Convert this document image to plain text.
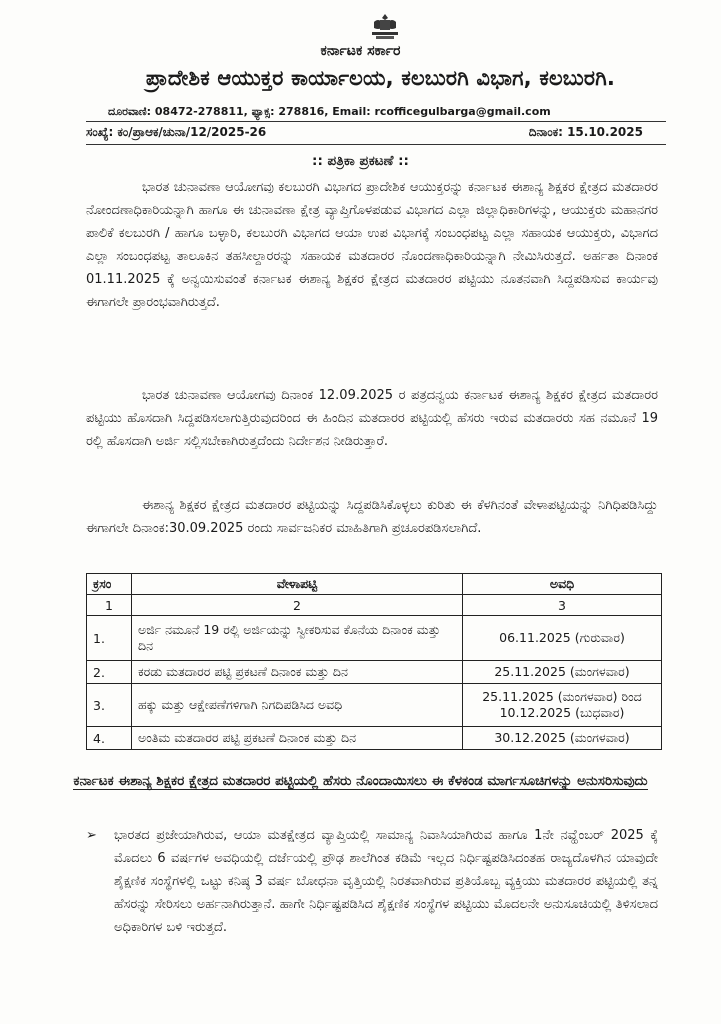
ಕರ್ನಾಟಕ ಸರ್ಕಾರ
ಪ್ರಾದೇಶಿಕ ಆಯುಕ್ತರ ಕಾರ್ಯಾಲಯ, ಕಲಬುರಗಿ ವಿಭಾಗ, ಕಲಬುರಗಿ.
ದೂರವಾಣಿ: 08472-278811, ಫ್ಯಾಕ್ಸ: 278816, Email: rcofficegulbarga@gmail.com
ಸಂಖ್ಯೆ: ಕಂ/ಪ್ರಾಆಕ/ಚುನಾ/12/2025-26	ದಿನಾಂಕ: 15.10.2025
:: ಪತ್ರಿಕಾ ಪ್ರಕಟಣೆ ::
ಭಾರತ ಚುನಾವಣಾ ಆಯೋಗವು ಕಲಬುರಗಿ ವಿಭಾಗದ ಪ್ರಾದೇಶಿಕ ಆಯುಕ್ತರನ್ನು ಕರ್ನಾಟಕ ಈಶಾನ್ಯ ಶಿಕ್ಷಕರ ಕ್ಷೇತ್ರದ ಮತದಾರರ ನೋಂದಣಾಧಿಕಾರಿಯನ್ನಾಗಿ ಹಾಗೂ ಈ ಚುನಾವಣಾ ಕ್ಷೇತ್ರ ವ್ಯಾಪ್ತಿಗೊಳಪಡುವ ವಿಭಾಗದ ಎಲ್ಲಾ ಜಿಲ್ಲಾಧಿಕಾರಿಗಳನ್ನು, ಆಯುಕ್ತರು ಮಹಾನಗರ ಪಾಲಿಕೆ ಕಲಬುರಗಿ / ಹಾಗೂ ಬಳ್ಳಾರಿ, ಕಲಬುರಗಿ ವಿಭಾಗದ ಆಯಾ ಉಪ ವಿಭಾಗಕ್ಕೆ ಸಂಬಂಧಪಟ್ಟ ಎಲ್ಲಾ ಸಹಾಯಕ ಆಯುಕ್ತರು, ವಿಭಾಗದ ಎಲ್ಲಾ ಸಂಬಂಧಪಟ್ಟ ತಾಲೂಕಿನ ತಹಸೀಲ್ದಾರರನ್ನು ಸಹಾಯಕ ಮತದಾರರ ನೊಂದಣಾಧಿಕಾರಿಯನ್ನಾಗಿ ನೇಮಿಸಿರುತ್ತದೆ. ಅರ್ಹತಾ ದಿನಾಂಕ 01.11.2025 ಕ್ಕೆ ಅನ್ವಯಿಸುವಂತೆ ಕರ್ನಾಟಕ ಈಶಾನ್ಯ ಶಿಕ್ಷಕರ ಕ್ಷೇತ್ರದ ಮತದಾರರ ಪಟ್ಟಿಯು ನೂತನವಾಗಿ ಸಿದ್ದಪಡಿಸುವ ಕಾರ್ಯವು ಈಗಾಗಲೇ ಪ್ರಾರಂಭವಾಗಿರುತ್ತದೆ.
ಭಾರತ ಚುನಾವಣಾ ಆಯೋಗವು ದಿನಾಂಕ 12.09.2025 ರ ಪತ್ರದನ್ವಯ ಕರ್ನಾಟಕ ಈಶಾನ್ಯ ಶಿಕ್ಷಕರ ಕ್ಷೇತ್ರದ ಮತದಾರರ ಪಟ್ಟಿಯು ಹೊಸದಾಗಿ ಸಿದ್ದಪಡಿಸಲಾಗುತ್ತಿರುವುದರಿಂದ ಈ ಹಿಂದಿನ ಮತದಾರರ ಪಟ್ಟಿಯಲ್ಲಿ ಹೆಸರು ಇರುವ ಮತದಾರರು ಸಹ ನಮೂನೆ 19 ರಲ್ಲಿ ಹೊಸದಾಗಿ ಅರ್ಜಿ ಸಲ್ಲಿಸಬೇಕಾಗಿರುತ್ತದೆಂದು ನಿರ್ದೇಶನ ನೀಡಿರುತ್ತಾರೆ.
ಈಶಾನ್ಯ ಶಿಕ್ಷಕರ ಕ್ಷೇತ್ರದ ಮತದಾರರ ಪಟ್ಟಿಯನ್ನು ಸಿದ್ದಪಡಿಸಿಕೊಳ್ಳಲು ಕುರಿತು ಈ ಕೆಳಗಿನಂತೆ ವೇಳಾಪಟ್ಟಿಯನ್ನು ನಿಗಿಧಿಪಡಿಸಿದ್ದು ಈಗಾಗಲೇ ದಿನಾಂಕ:30.09.2025 ರಂದು ಸಾರ್ವಜನಿಕರ ಮಾಹಿತಿಗಾಗಿ ಪ್ರಚೂರಪಡಿಸಲಾಗಿದೆ.
ಕ್ರಸಂ	ವೇಳಾಪಟ್ಟಿ	ಅವಧಿ
1	2	3
1.	ಅರ್ಜಿ ನಮೂನೆ 19 ರಲ್ಲಿ ಅರ್ಜಿಯನ್ನು ಸ್ವೀಕರಿಸುವ ಕೊನೆಯ ದಿನಾಂಕ ಮತ್ತು ದಿನ	06.11.2025 (ಗುರುವಾರ)
2.	ಕರಡು ಮತದಾರರ ಪಟ್ಟಿ ಪ್ರಕಟಣೆ ದಿನಾಂಕ ಮತ್ತು ದಿನ	25.11.2025 (ಮಂಗಳವಾರ)
3.	ಹಕ್ಕು ಮತ್ತು ಆಕ್ಷೇಪಣೆಗಳಿಗಾಗಿ ನಿಗದಿಪಡಿಸಿದ ಅವಧಿ	25.11.2025 (ಮಂಗಳವಾರ) ರಿಂದ 10.12.2025 (ಬುಧವಾರ)
4.	ಅಂತಿಮ ಮತದಾರರ ಪಟ್ಟಿ ಪ್ರಕಟಣೆ ದಿನಾಂಕ ಮತ್ತು ದಿನ	30.12.2025 (ಮಂಗಳವಾರ)
ಕರ್ನಾಟಕ ಈಶಾನ್ಯ ಶಿಕ್ಷಕರ ಕ್ಷೇತ್ರದ ಮತದಾರರ ಪಟ್ಟಿಯಲ್ಲಿ ಹೆಸರು ನೊಂದಾಯಿಸಲು ಈ ಕೆಳಕಂಡ ಮಾರ್ಗಸೂಚಿಗಳನ್ನು ಅನುಸರಿಸುವುದು
➢ ಭಾರತದ ಪ್ರಜೇಯಾಗಿರುವ, ಆಯಾ ಮತಕ್ಷೇತ್ರದ ವ್ಯಾಪ್ತಿಯಲ್ಲಿ ಸಾಮಾನ್ಯ ನಿವಾಸಿಯಾಗಿರುವ ಹಾಗೂ 1ನೇ ನವ್ಹೆಂಬರ್ 2025 ಕ್ಕೆ ಮೊದಲು 6 ವರ್ಷಗಳ ಅವಧಿಯಲ್ಲಿ ದರ್ಜೆಯಲ್ಲಿ ಪ್ರೌಢ ಶಾಲೆಗಿಂತ ಕಡಿಮೆ ಇಲ್ಲದ ನಿರ್ಧಿಷ್ಟಪಡಿಸಿದಂತಹ ರಾಜ್ಯದೊಳಗಿನ ಯಾವುದೇ ಶೈಕ್ಷಣಿಕ ಸಂಸ್ಥೆಗಳಲ್ಲಿ ಒಟ್ಟು ಕನಿಷ್ಠ 3 ವರ್ಷ ಬೋಧನಾ ವೃತ್ತಿಯಲ್ಲಿ ನಿರತವಾಗಿರುವ ಪ್ರತಿಯೊಬ್ಬ ವ್ಯಕ್ತಿಯು ಮತದಾರರ ಪಟ್ಟಿಯಲ್ಲಿ ತನ್ನ ಹೆಸರನ್ನು ಸೇರಿಸಲು ಅರ್ಹನಾಗಿರುತ್ತಾನೆ. ಹಾಗೇ ನಿರ್ಧಿಷ್ಟಪಡಿಸಿದ ಶೈಕ್ಷಣಿಕ ಸಂಸ್ಥೆಗಳ ಪಟ್ಟಿಯು ಮೊದಲನೇ ಅನುಸೂಚಿಯಲ್ಲಿ ತಿಳಿಸಲಾದ ಅಧಿಕಾರಿಗಳ ಬಳಿ ಇರುತ್ತದೆ.
